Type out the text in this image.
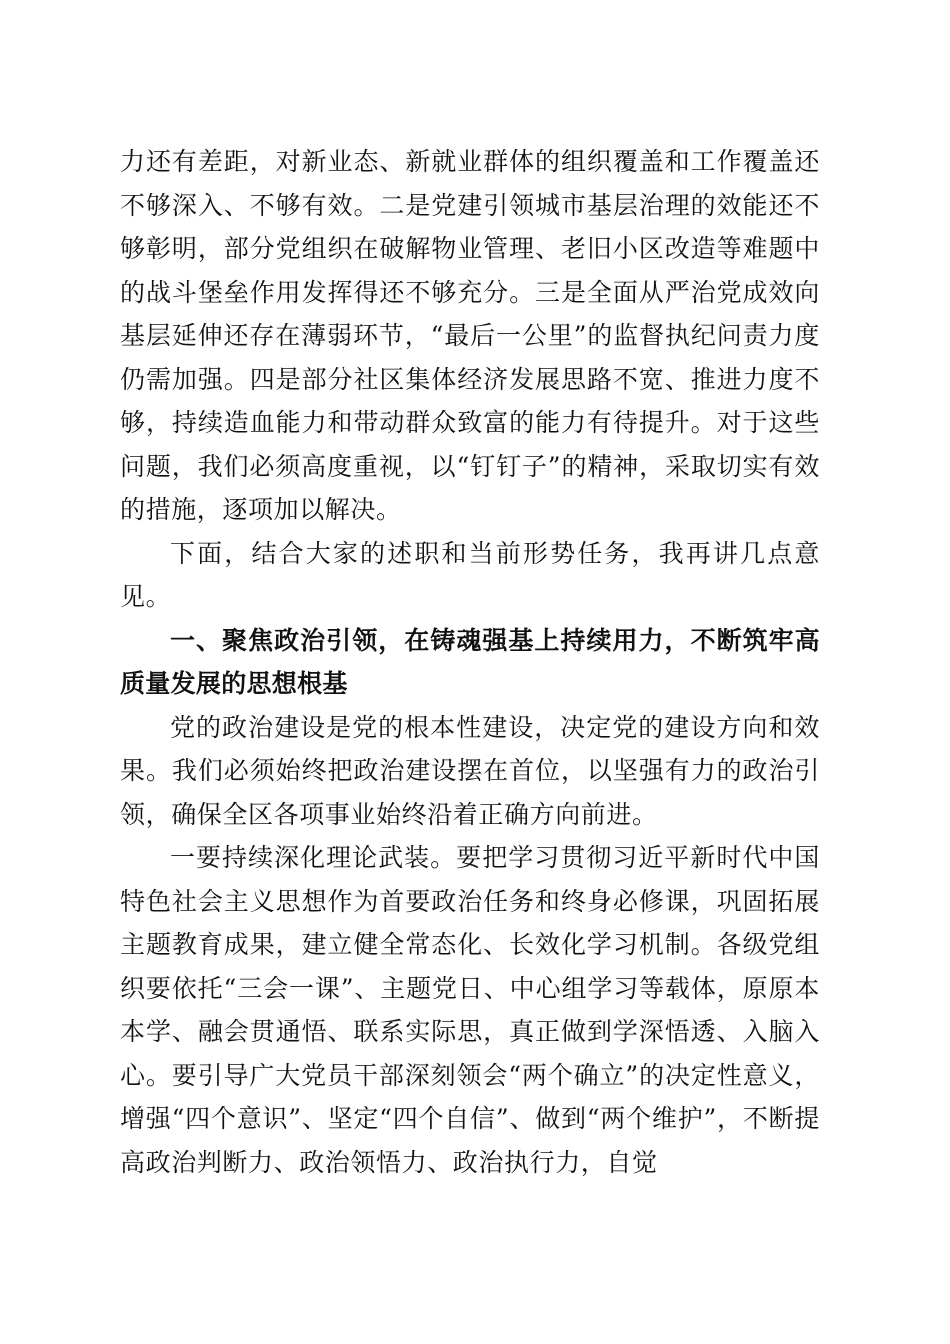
力还有差距，对新业态、新就业群体的组织覆盖和工作覆盖还不够深入、不够有效。二是党建引领城市基层治理的效能还不够彰明，部分党组织在破解物业管理、老旧小区改造等难题中的战斗堡垒作用发挥得还不够充分。三是全面从严治党成效向基层延伸还存在薄弱环节，“最后一公里”的监督执纪问责力度仍需加强。四是部分社区集体经济发展思路不宽、推进力度不够，持续造血能力和带动群众致富的能力有待提升。对于这些问题，我们必须高度重视，以“钉钉子”的精神，采取切实有效的措施，逐项加以解决。

下面，结合大家的述职和当前形势任务，我再讲几点意见。

一、聚焦政治引领，在铸魂强基上持续用力，不断筑牢高质量发展的思想根基

党的政治建设是党的根本性建设，决定党的建设方向和效果。我们必须始终把政治建设摆在首位，以坚强有力的政治引领，确保全区各项事业始终沿着正确方向前进。

一要持续深化理论武装。要把学习贯彻习近平新时代中国特色社会主义思想作为首要政治任务和终身必修课，巩固拓展主题教育成果，建立健全常态化、长效化学习机制。各级党组织要依托“三会一课”、主题党日、中心组学习等载体，原原本本学、融会贯通悟、联系实际思，真正做到学深悟透、入脑入心。要引导广大党员干部深刻领会“两个确立”的决定性意义，增强“四个意识”、坚定“四个自信”、做到“两个维护”，不断提高政治判断力、政治领悟力、政治执行力，自觉
